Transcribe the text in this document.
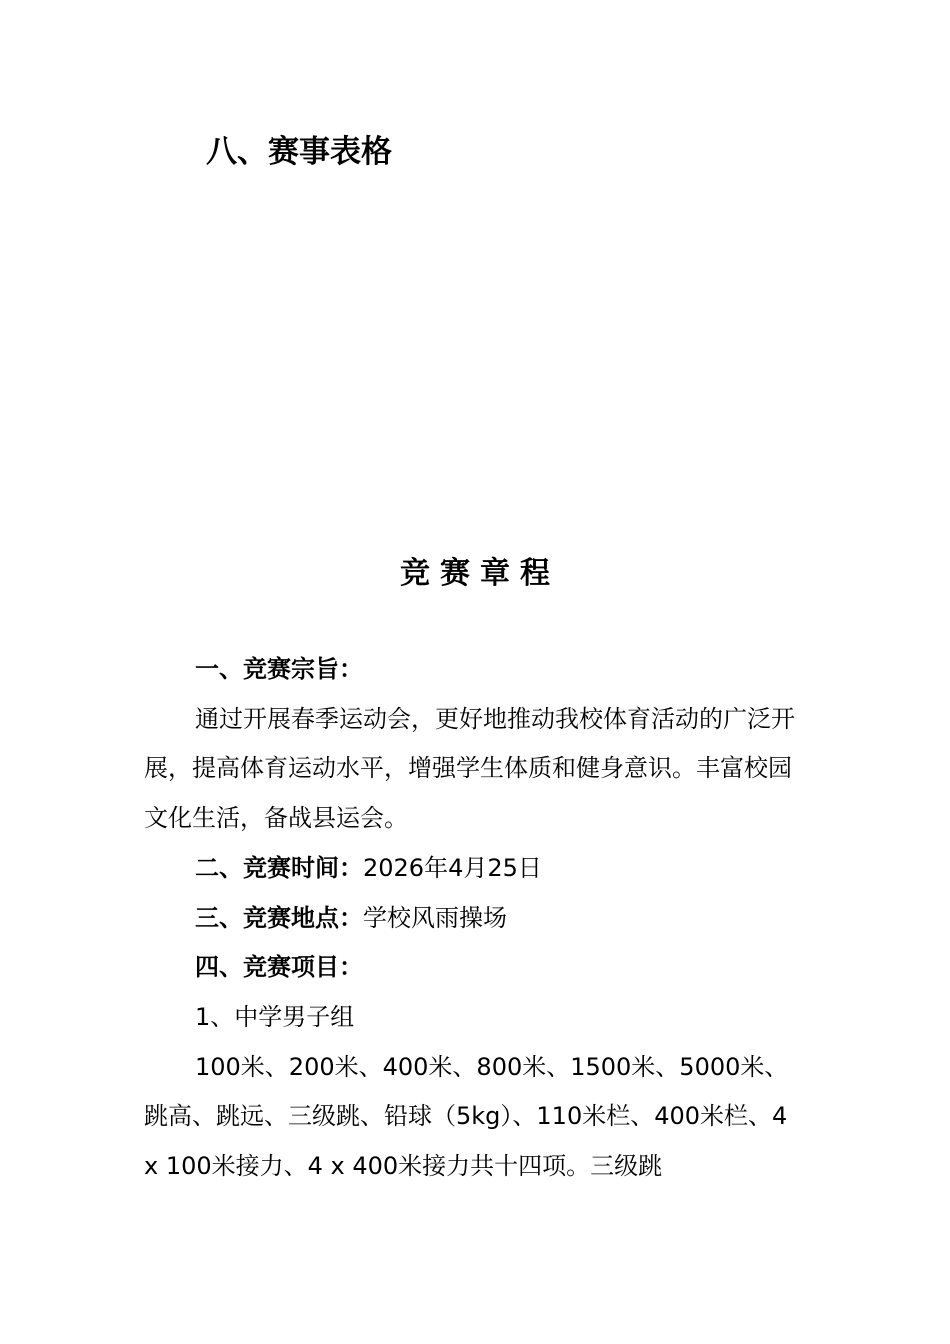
八、赛事表格
竞赛章程

一、竞赛宗旨：

通过开展春季运动会，更好地推动我校体育活动的广泛开展，提高体育运动水平，增强学生体质和健身意识。丰富校园文化生活，备战县运会。

二、竞赛时间：2026年4月25日

三、竞赛地点：学校风雨操场

四、竞赛项目：

1、中学男子组

100米、200米、400米、800米、1500米、5000米、跳高、跳远、三级跳、铅球（5kg）、110米栏、400米栏、4 x 100米接力、4 x 400米接力共十四项。三级跳
